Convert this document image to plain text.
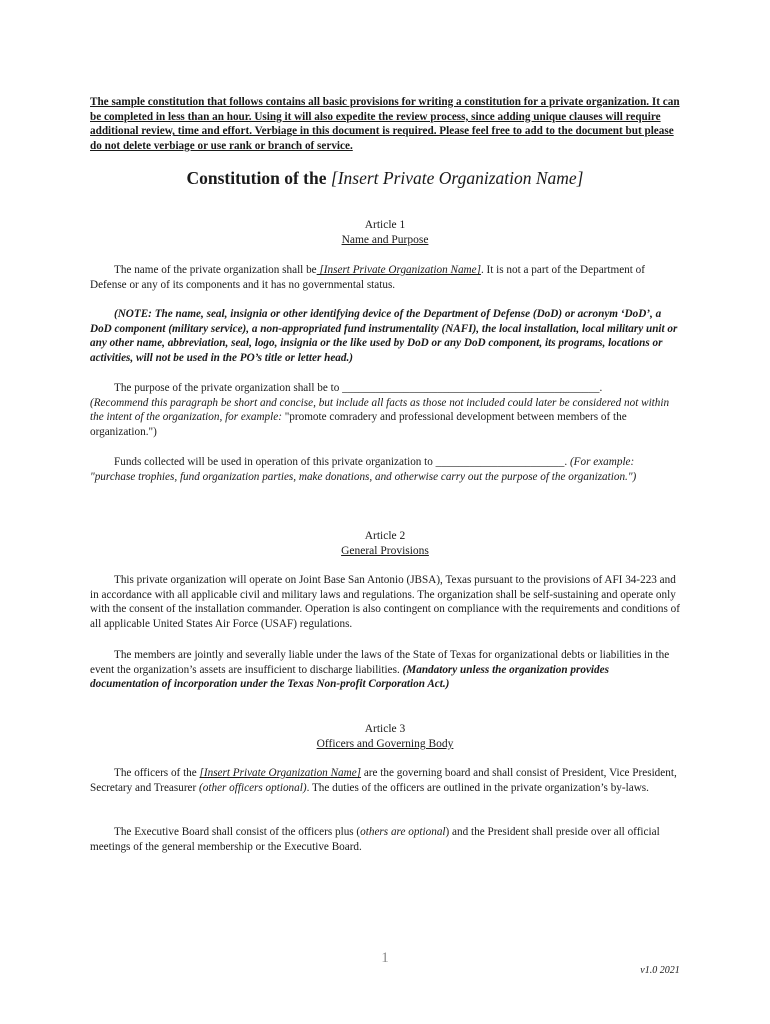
The sample constitution that follows contains all basic provisions for writing a constitution for a private organization. It can be completed in less than an hour. Using it will also expedite the review process, since adding unique clauses will require additional review, time and effort. Verbiage in this document is required. Please feel free to add to the document but please do not delete verbiage or use rank or branch of service.
Constitution of the [Insert Private Organization Name]
Article 1
Name and Purpose
The name of the private organization shall be [Insert Private Organization Name]. It is not a part of the Department of Defense or any of its components and it has no governmental status.
(NOTE: The name, seal, insignia or other identifying device of the Department of Defense (DoD) or acronym ‘DoD’, a DoD component (military service), a non-appropriated fund instrumentality (NAFI), the local installation, local military unit or any other name, abbreviation, seal, logo, insignia or the like used by DoD or any DoD component, its programs, locations or activities, will not be used in the PO’s title or letter head.)
The purpose of the private organization shall be to ______________________________________________.
(Recommend this paragraph be short and concise, but include all facts as those not included could later be considered not within the intent of the organization, for example: "promote comradery and professional development between members of the organization.")
Funds collected will be used in operation of this private organization to _______________________. (For example: "purchase trophies, fund organization parties, make donations, and otherwise carry out the purpose of the organization.")
Article 2
General Provisions
This private organization will operate on Joint Base San Antonio (JBSA), Texas pursuant to the provisions of AFI 34-223 and in accordance with all applicable civil and military laws and regulations. The organization shall be self-sustaining and operate only with the consent of the installation commander. Operation is also contingent on compliance with the requirements and conditions of all applicable United States Air Force (USAF) regulations.
The members are jointly and severally liable under the laws of the State of Texas for organizational debts or liabilities in the event the organization’s assets are insufficient to discharge liabilities. (Mandatory unless the organization provides documentation of incorporation under the Texas Non-profit Corporation Act.)
Article 3
Officers and Governing Body
The officers of the [Insert Private Organization Name] are the governing board and shall consist of President, Vice President, Secretary and Treasurer (other officers optional). The duties of the officers are outlined in the private organization’s by-laws.
The Executive Board shall consist of the officers plus (others are optional) and the President shall preside over all official meetings of the general membership or the Executive Board.
1
v1.0 2021
